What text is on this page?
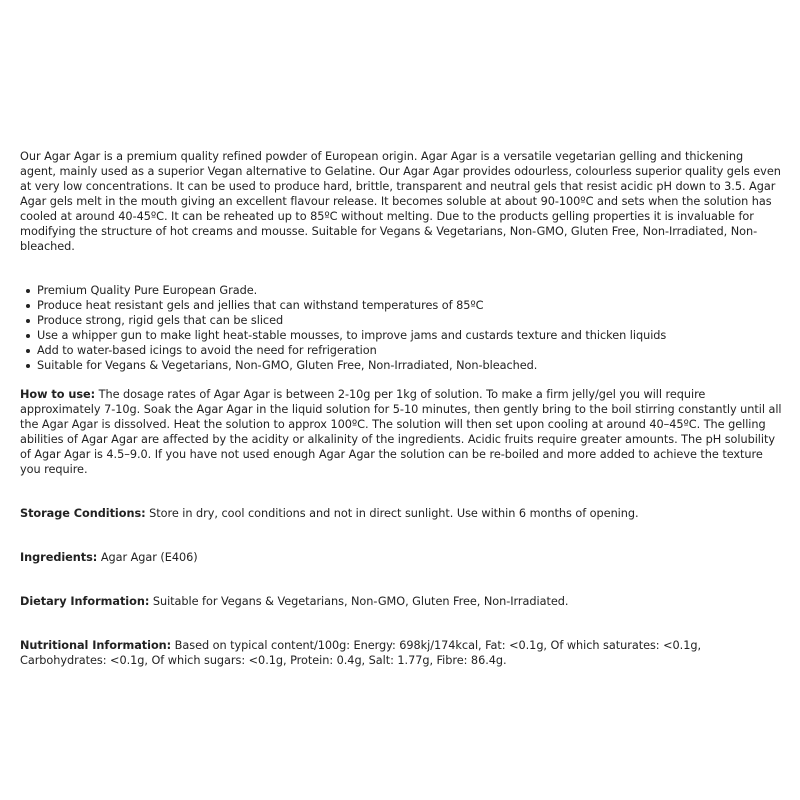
Our Agar Agar is a premium quality refined powder of European origin. Agar Agar is a versatile vegetarian gelling and thickening agent, mainly used as a superior Vegan alternative to Gelatine. Our Agar Agar provides odourless, colourless superior quality gels even at very low concentrations. It can be used to produce hard, brittle, transparent and neutral gels that resist acidic pH down to 3.5. Agar Agar gels melt in the mouth giving an excellent flavour release. It becomes soluble at about 90-100ºC and sets when the solution has cooled at around 40-45ºC. It can be reheated up to 85ºC without melting. Due to the products gelling properties it is invaluable for modifying the structure of hot creams and mousse. Suitable for Vegans & Vegetarians, Non-GMO, Gluten Free, Non-Irradiated, Non-bleached.

Premium Quality Pure European Grade.
Produce heat resistant gels and jellies that can withstand temperatures of 85ºC
Produce strong, rigid gels that can be sliced
Use a whipper gun to make light heat-stable mousses, to improve jams and custards texture and thicken liquids
Add to water-based icings to avoid the need for refrigeration
Suitable for Vegans & Vegetarians, Non-GMO, Gluten Free, Non-Irradiated, Non-bleached.

How to use: The dosage rates of Agar Agar is between 2-10g per 1kg of solution. To make a firm jelly/gel you will require approximately 7-10g. Soak the Agar Agar in the liquid solution for 5-10 minutes, then gently bring to the boil stirring constantly until all the Agar Agar is dissolved. Heat the solution to approx 100ºC. The solution will then set upon cooling at around 40–45ºC. The gelling abilities of Agar Agar are affected by the acidity or alkalinity of the ingredients. Acidic fruits require greater amounts. The pH solubility of Agar Agar is 4.5–9.0. If you have not used enough Agar Agar the solution can be re-boiled and more added to achieve the texture you require.

Storage Conditions: Store in dry, cool conditions and not in direct sunlight. Use within 6 months of opening.

Ingredients: Agar Agar (E406)

Dietary Information: Suitable for Vegans & Vegetarians, Non-GMO, Gluten Free, Non-Irradiated.

Nutritional Information: Based on typical content/100g: Energy: 698kj/174kcal, Fat: <0.1g, Of which saturates: <0.1g, Carbohydrates: <0.1g, Of which sugars: <0.1g, Protein: 0.4g, Salt: 1.77g, Fibre: 86.4g.
